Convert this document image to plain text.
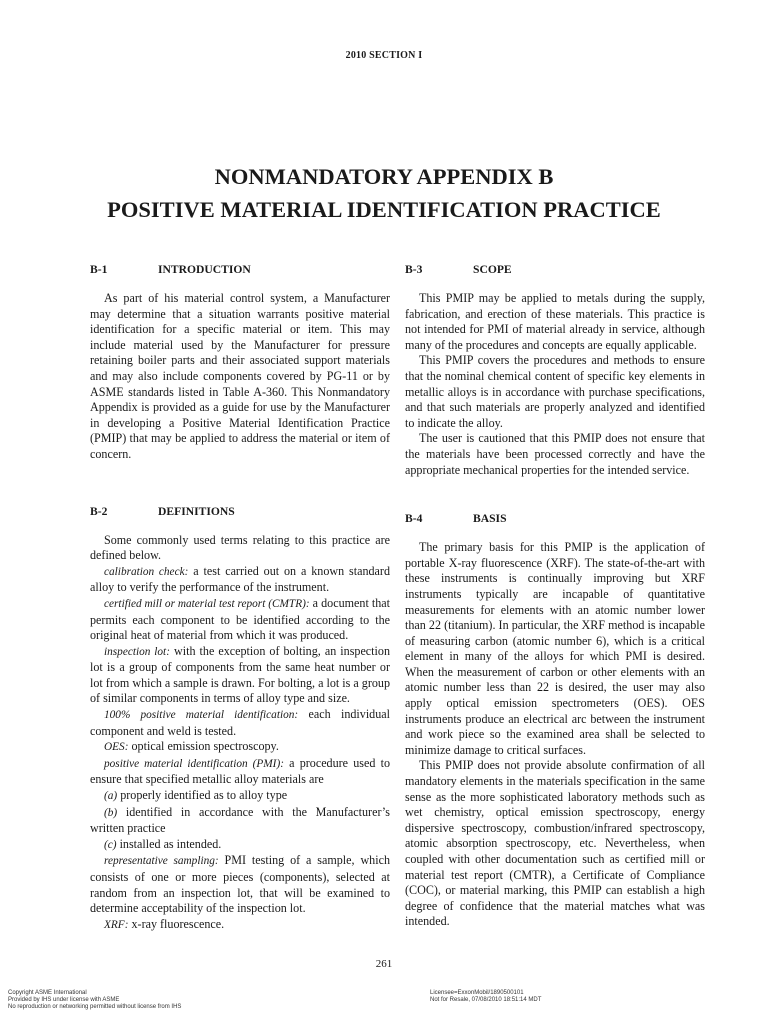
2010 SECTION I
NONMANDATORY APPENDIX B
POSITIVE MATERIAL IDENTIFICATION PRACTICE
B-1	INTRODUCTION

As part of his material control system, a Manufacturer may determine that a situation warrants positive material identification for a specific material or item. This may include material used by the Manufacturer for pressure retaining boiler parts and their associated support materials and may also include components covered by PG-11 or by ASME standards listed in Table A-360. This Nonmandatory Appendix is provided as a guide for use by the Manufacturer in developing a Positive Material Identification Practice (PMIP) that may be applied to address the material or item of concern.

B-2	DEFINITIONS

Some commonly used terms relating to this practice are defined below.

calibration check: a test carried out on a known standard alloy to verify the performance of the instrument.

certified mill or material test report (CMTR): a document that permits each component to be identified according to the original heat of material from which it was produced.

inspection lot: with the exception of bolting, an inspection lot is a group of components from the same heat number or lot from which a sample is drawn. For bolting, a lot is a group of similar components in terms of alloy type and size.

100% positive material identification: each individual component and weld is tested.

OES: optical emission spectroscopy.

positive material identification (PMI): a procedure used to ensure that specified metallic alloy materials are

(a) properly identified as to alloy type

(b) identified in accordance with the Manufacturer’s written practice

(c) installed as intended.

representative sampling: PMI testing of a sample, which consists of one or more pieces (components), selected at random from an inspection lot, that will be examined to determine acceptability of the inspection lot.

XRF: x-ray fluorescence.

B-3	SCOPE

This PMIP may be applied to metals during the supply, fabrication, and erection of these materials. This practice is not intended for PMI of material already in service, although many of the procedures and concepts are equally applicable.

This PMIP covers the procedures and methods to ensure that the nominal chemical content of specific key elements in metallic alloys is in accordance with purchase specifications, and that such materials are properly analyzed and identified to indicate the alloy.

The user is cautioned that this PMIP does not ensure that the materials have been processed correctly and have the appropriate mechanical properties for the intended service.

B-4	BASIS

The primary basis for this PMIP is the application of portable X-ray fluorescence (XRF). The state-of-the-art with these instruments is continually improving but XRF instruments typically are incapable of quantitative measurements for elements with an atomic number lower than 22 (titanium). In particular, the XRF method is incapable of measuring carbon (atomic number 6), which is a critical element in many of the alloys for which PMI is desired. When the measurement of carbon or other elements with an atomic number less than 22 is desired, the user may also apply optical emission spectrometers (OES). OES instruments produce an electrical arc between the instrument and work piece so the examined area shall be selected to minimize damage to critical surfaces.

This PMIP does not provide absolute confirmation of all mandatory elements in the materials specification in the same sense as the more sophisticated laboratory methods such as wet chemistry, optical emission spectroscopy, energy dispersive spectroscopy, combustion/infrared spectroscopy, atomic absorption spectroscopy, etc. Nevertheless, when coupled with other documentation such as certified mill or material test report (CMTR), a Certificate of Compliance (COC), or material marking, this PMIP can establish a high degree of confidence that the material matches what was intended.

261
Copyright ASME International
Provided by IHS under license with ASME
No reproduction or networking permitted without license from IHS
Licensee=ExxonMobil/1890500101
Not for Resale, 07/08/2010 18:51:14 MDT
